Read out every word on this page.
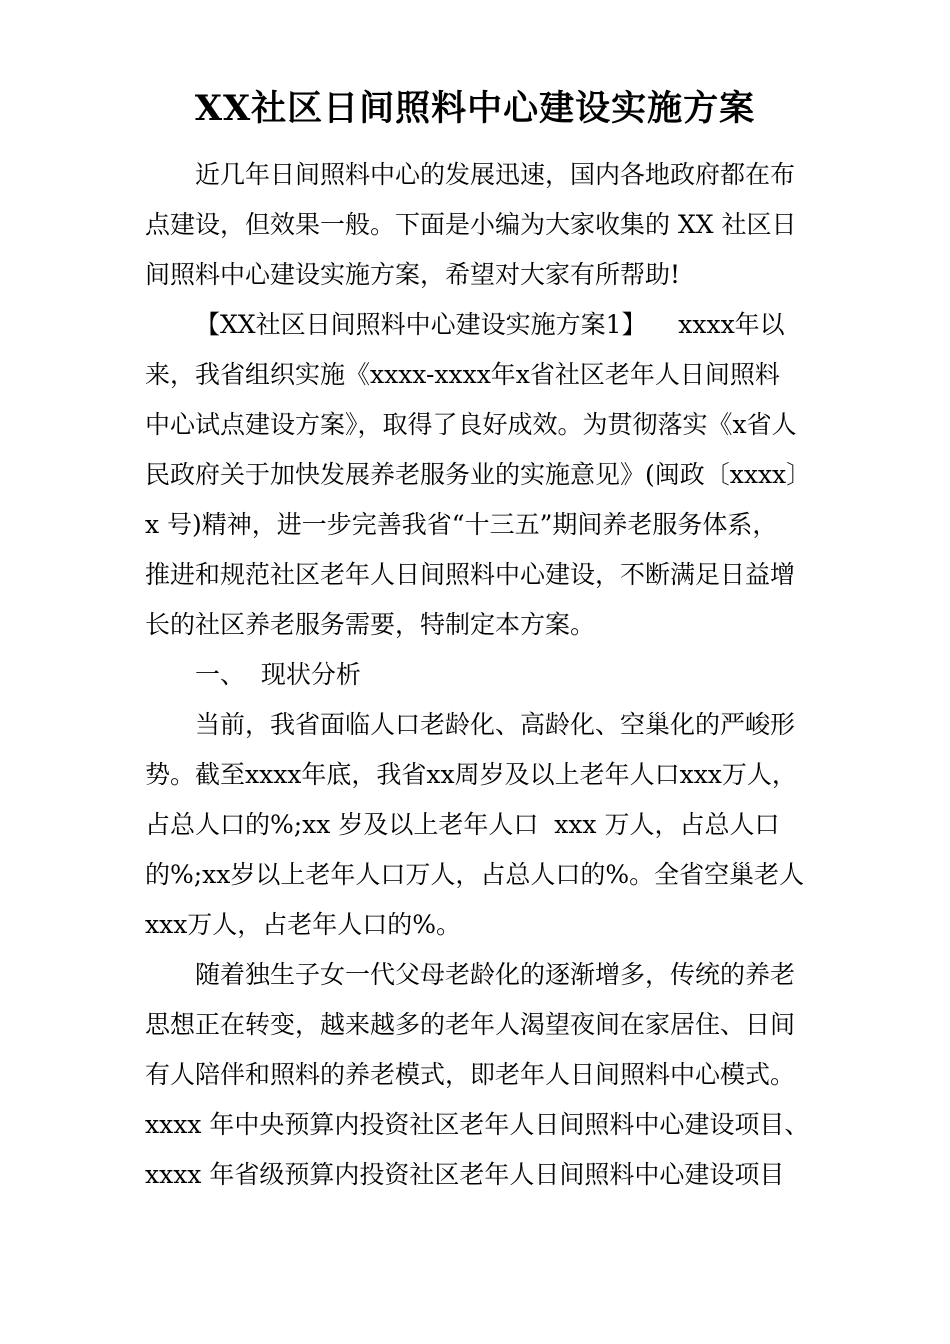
XX社区日间照料中心建设实施方案
近几年日间照料中心的发展迅速，国内各地政府都在布
点建设，但效果一般。下面是小编为大家收集的 XX 社区日
间照料中心建设实施方案，希望对大家有所帮助!
【XX社区日间照料中心建设实施方案1】    xxxx年以
来，我省组织实施《xxxx-xxxx年x省社区老年人日间照料
中心试点建设方案》，取得了良好成效。为贯彻落实《x省人
民政府关于加快发展养老服务业的实施意见》(闽政〔xxxx〕
x 号)精神，进一步完善我省“十三五”期间养老服务体系，
推进和规范社区老年人日间照料中心建设，不断满足日益增
长的社区养老服务需要，特制定本方案。
一、  现状分析
当前，我省面临人口老龄化、高龄化、空巢化的严峻形
势。截至xxxx年底，我省xx周岁及以上老年人口xxx万人，
占总人口的%;xx 岁及以上老年人口  xxx 万人，占总人口
的%;xx岁以上老年人口万人，占总人口的%。全省空巢老人
xxx万人，占老年人口的%。
随着独生子女一代父母老龄化的逐渐增多，传统的养老
思想正在转变，越来越多的老年人渴望夜间在家居住、日间
有人陪伴和照料的养老模式，即老年人日间照料中心模式。
xxxx 年中央预算内投资社区老年人日间照料中心建设项目、
xxxx 年省级预算内投资社区老年人日间照料中心建设项目
